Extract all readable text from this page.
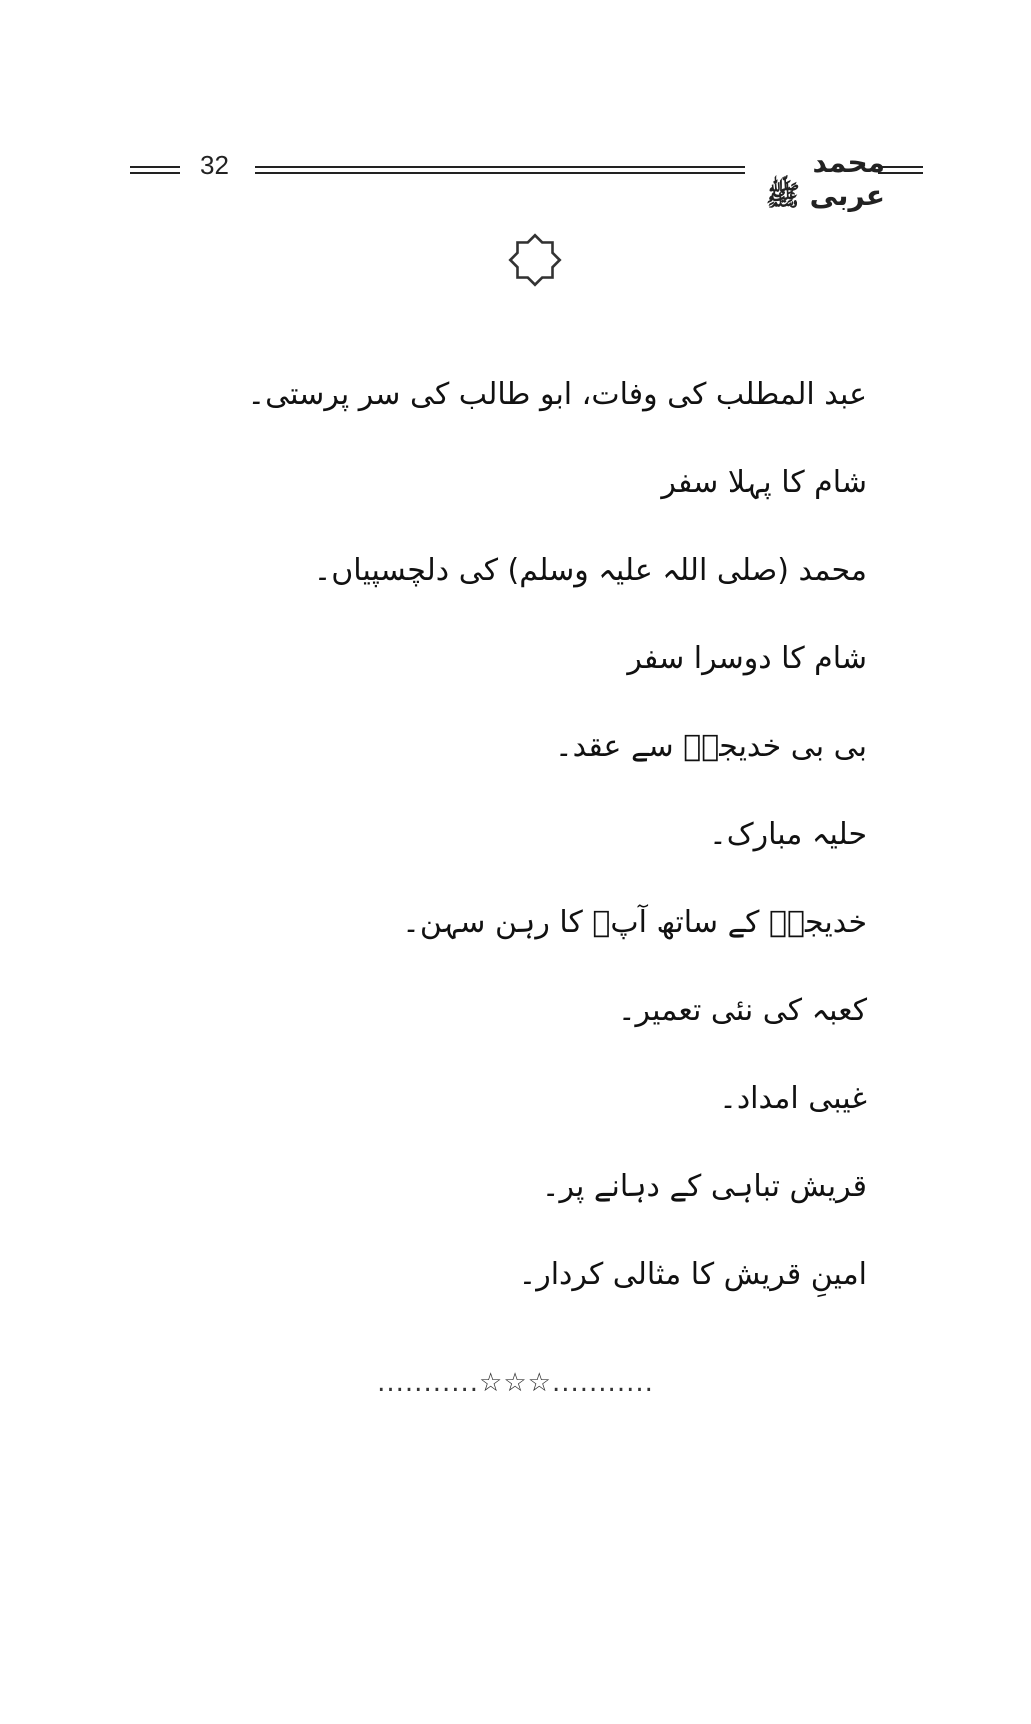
32	محمد عربی ﷺ
عبد المطلب کی وفات، ابو طالب کی سر پرستی۔
شام کا پہلا سفر
محمد (صلی اللہ علیہ وسلم) کی دلچسپیاں۔
شام کا دوسرا سفر
بی بی خدیجہؓ سے عقد۔
حلیہ مبارک۔
خدیجہؓ کے ساتھ آپؐ کا رہن سہن۔
کعبہ کی نئی تعمیر۔
غیبی امداد۔
قریش تباہی کے دہانے پر۔
امینِ قریش کا مثالی کردار۔
...........☆☆☆...........
